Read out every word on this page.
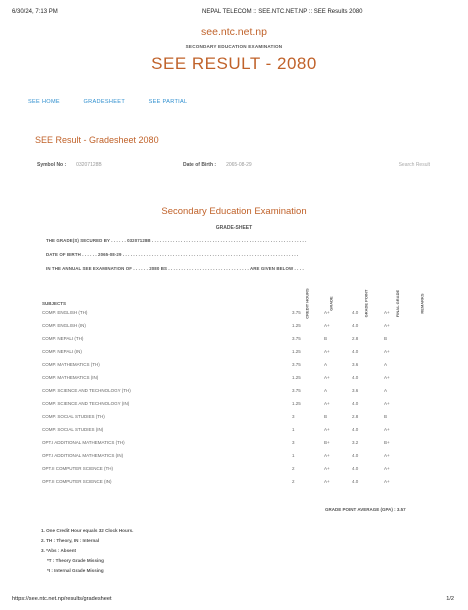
6/30/24, 7:13 PM	NEPAL TELECOM :: SEE.NTC.NET.NP :: SEE Results 2080
see.ntc.net.np
SECONDARY EDUCATION EXAMINATION
SEE RESULT - 2080
SEE HOME	GRADESHEET	SEE PARTIAL
SEE Result - Gradesheet 2080
Symbol No : 03207128B	Date of Birth : 2065-08-29	Search Result
Secondary Education Examination
GRADE-SHEET
THE GRADE(S) SECURED BY . . . . . . 03207128B . . . . . . . . . . . . . . . . . . . . . . . . . . . . . . . . . . . . . . . . . . . . . . . . . . . . . . . . . . .
DATE OF BIRTH . . . . . . 2065-08-29 . . . . . . . . . . . . . . . . . . . . . . . . . . . . . . . . . . . . . . . . . . . . . . . . . . . . . . . . . . . . . . . . . . .
IN THE ANNUAL SEE EXAMINATION OF . . . . . . 2080 BS . . . . . . . . . . . . . . . . . . . . . . . . . . . . . . . ARE GIVEN BELOW . . . .
SUBJECTS	CREDIT HOURS	GRADE	GRADE POINT	FINAL GRADE	REMARKS
COMP. ENGLISH (TH)	3.75	A+	4.0	A+	
COMP. ENGLISH (IN)	1.25	A+	4.0	A+	
COMP. NEPALI (TH)	3.75	B	2.8	B	
COMP. NEPALI (IN)	1.25	A+	4.0	A+	
COMP. MATHEMATICS (TH)	3.75	A	3.6	A	
COMP. MATHEMATICS (IN)	1.25	A+	4.0	A+	
COMP. SCIENCE AND TECHNOLOGY (TH)	3.75	A	3.6	A	
COMP. SCIENCE AND TECHNOLOGY (IN)	1.25	A+	4.0	A+	
COMP. SOCIAL STUDIES (TH)	3	B	2.8	B	
COMP. SOCIAL STUDIES (IN)	1	A+	4.0	A+	
OPT.I ADDITIONAL MATHEMATICS (TH)	3	B+	3.2	B+	
OPT.I ADDITIONAL MATHEMATICS (IN)	1	A+	4.0	A+	
OPT.II COMPUTER SCIENCE (TH)	2	A+	4.0	A+	
OPT.II COMPUTER SCIENCE (IN)	2	A+	4.0	A+	
GRADE POINT AVERAGE (GPA) : 3.57
1. One Credit Hour equals 32 Clock Hours.
2. TH : Theory, IN : Internal
3. *Abs : Absent
*T : Theory Grade Missing
*I : Internal Grade Missing
https://see.ntc.net.np/results/gradesheet	1/2
